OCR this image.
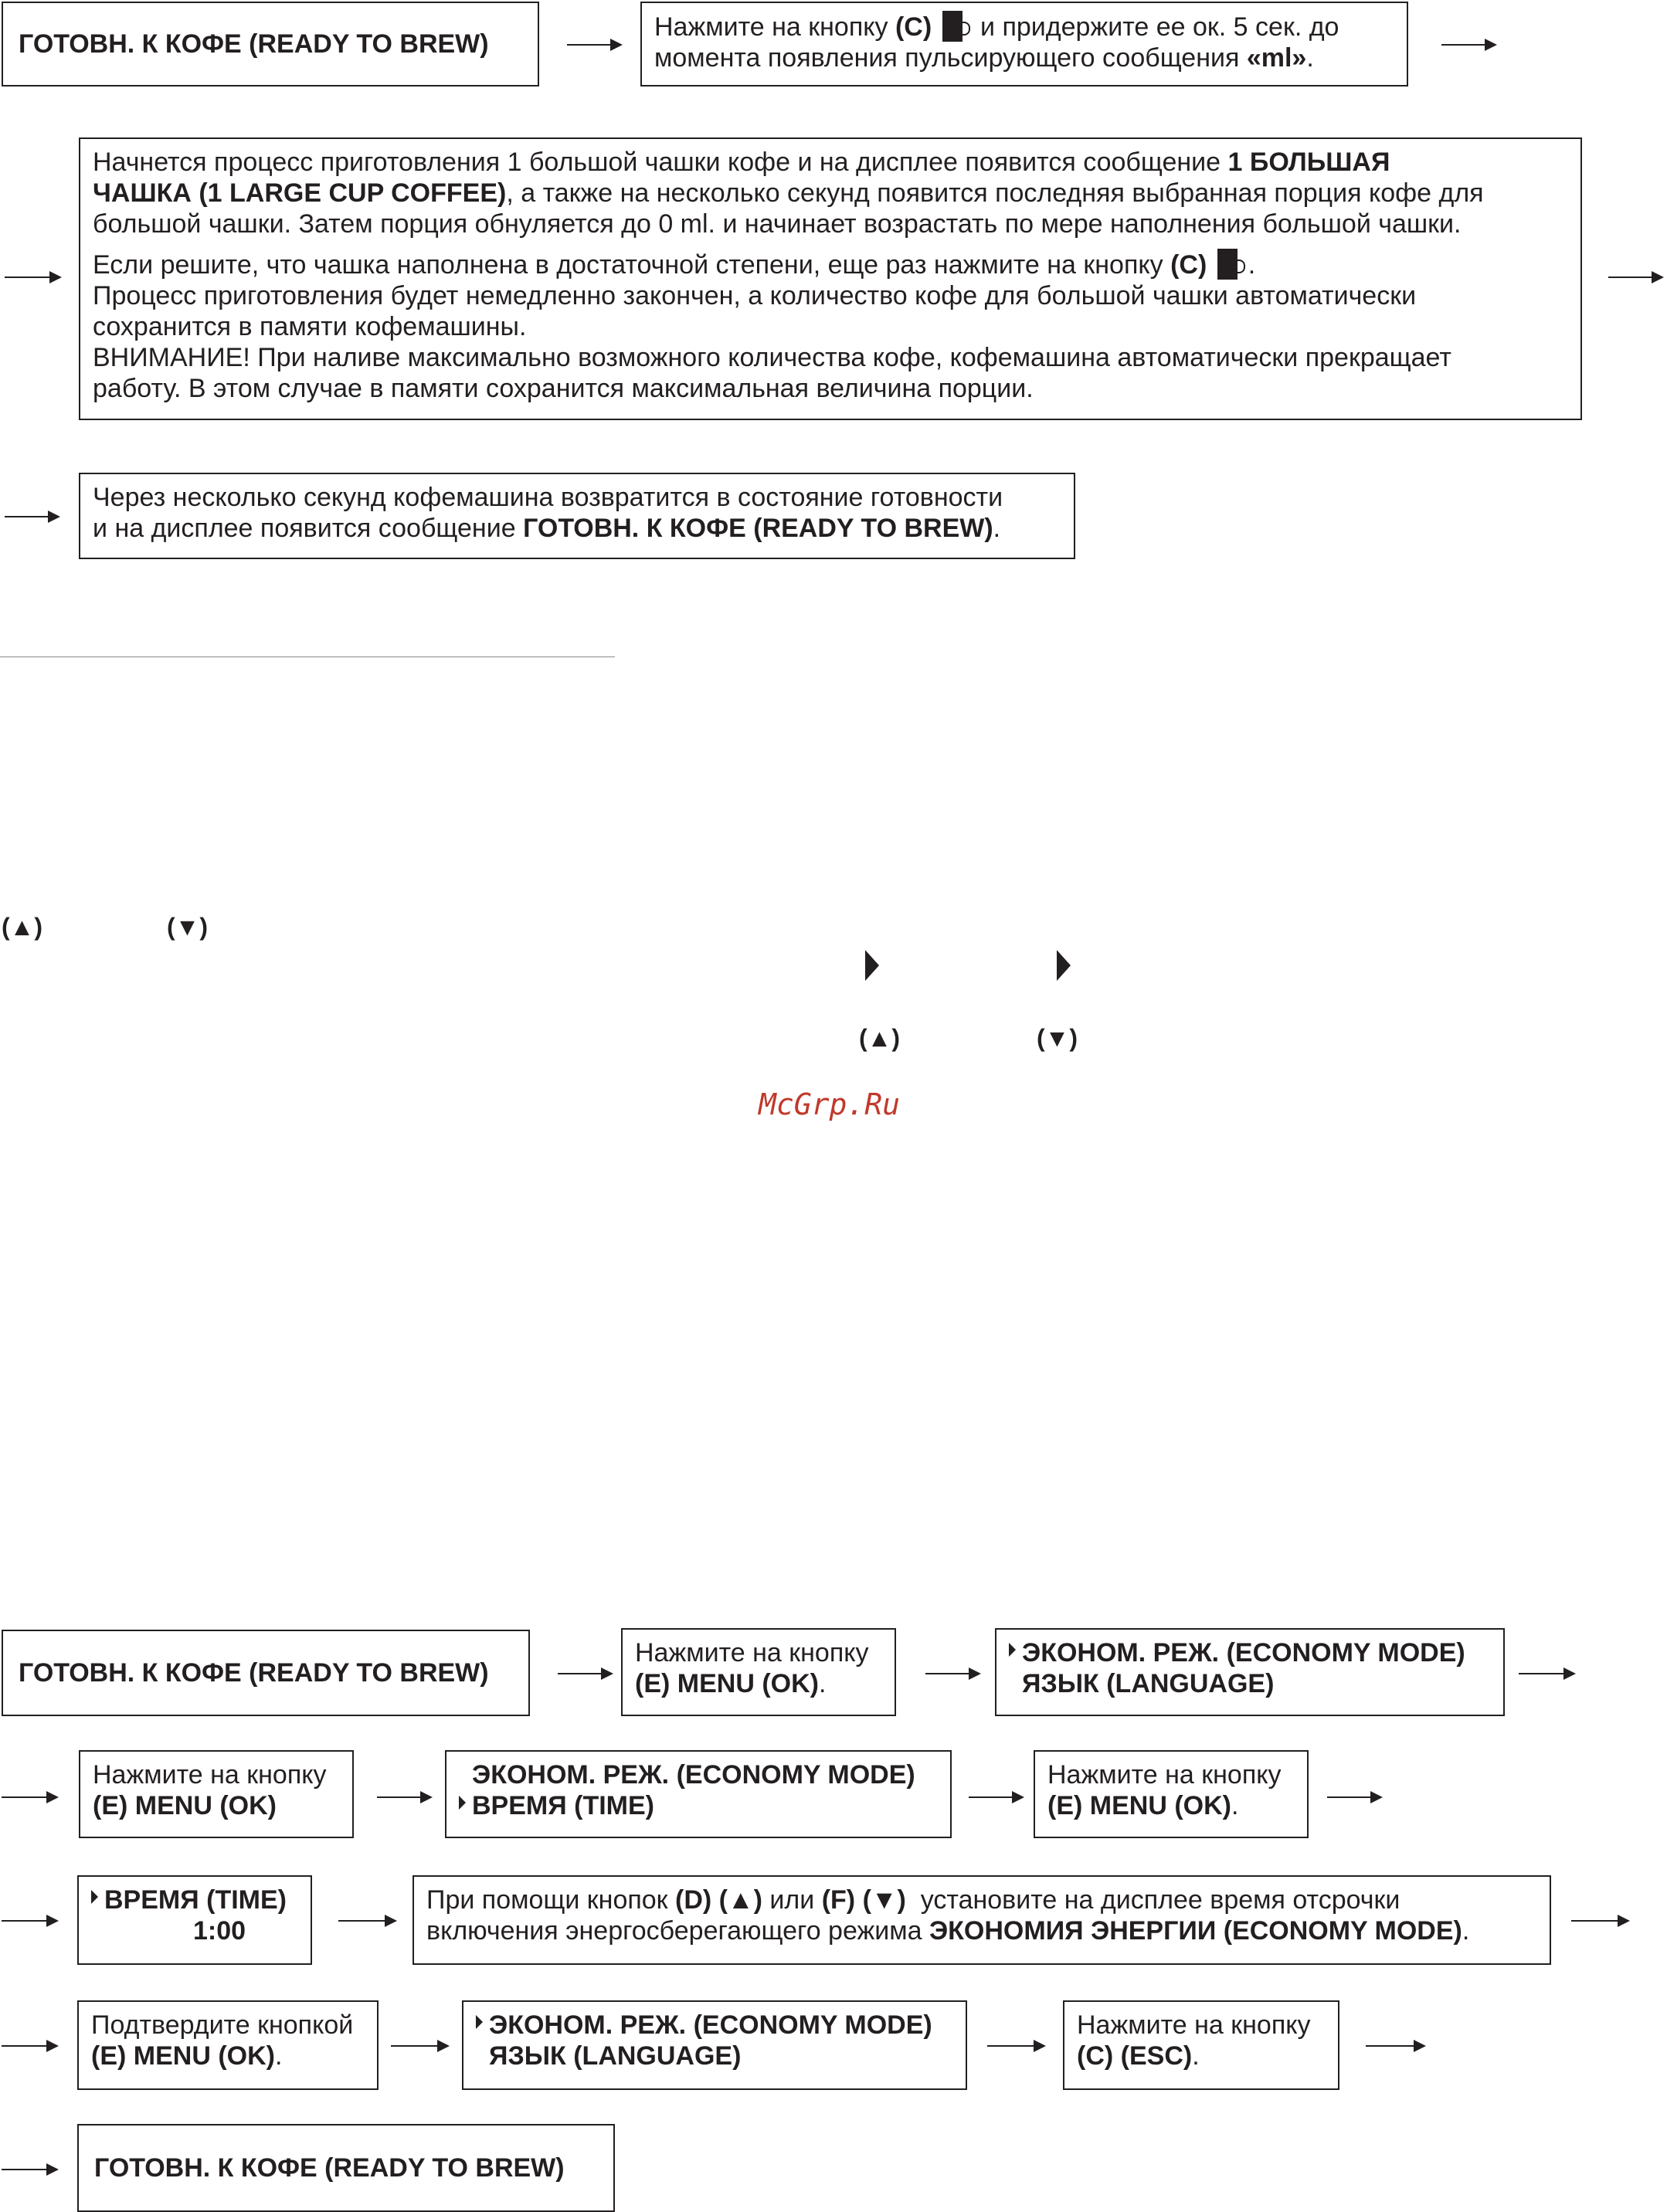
ГОТОВН. К КОФЕ (READY TO BREW)
Нажмите на кнопку (C) и придержите ее ок. 5 сек. до
момента появления пульсирующего сообщения «ml».
Начнется процесс приготовления 1 большой чашки кофе и на дисплее появится сообщение 1 БОЛЬШАЯ
ЧАШКА (1 LARGE CUP COFFEE), а также на несколько секунд появится последняя выбранная порция кофе для
большой чашки. Затем порция обнуляется до 0 ml. и начинает возрастать по мере наполнения большой чашки.
Если решите, что чашка наполнена в достаточной степени, еще раз нажмите на кнопку (C) .
Процесс приготовления будет немедленно закончен, а количество кофе для большой чашки автоматически
сохранится в памяти кофемашины.
ВНИМАНИЕ! При наливе максимально возможного количества кофе, кофемашина автоматически прекращает
работу. В этом случае в памяти сохранится максимальная величина порции.
Через несколько секунд кофемашина возвратится в состояние готовности
и на дисплее появится сообщение ГОТОВН. К КОФЕ (READY TO BREW).
(▲)	(▼)
(▲)	(▼)
McGrp.Ru
ГОТОВН. К КОФЕ (READY TO BREW)
Нажмите на кнопку
(E) MENU (OK).
ЭКОНОМ. РЕЖ. (ECONOMY MODE)
ЯЗЫК (LANGUAGE)
Нажмите на кнопку
(E) MENU (OK)
ЭКОНОМ. РЕЖ. (ECONOMY MODE)
ВРЕМЯ (TIME)
Нажмите на кнопку
(E) MENU (OK).
ВРЕМЯ (TIME)
1:00
При помощи кнопок (D) (▲) или (F) (▼) установите на дисплее время отсрочки
включения энергосберегающего режима ЭКОНОМИЯ ЭНЕРГИИ (ECONOMY MODE).
Подтвердите кнопкой
(E) MENU (OK).
ЭКОНОМ. РЕЖ. (ECONOMY MODE)
ЯЗЫК (LANGUAGE)
Нажмите на кнопку
(C) (ESC).
ГОТОВН. К КОФЕ (READY TO BREW)
